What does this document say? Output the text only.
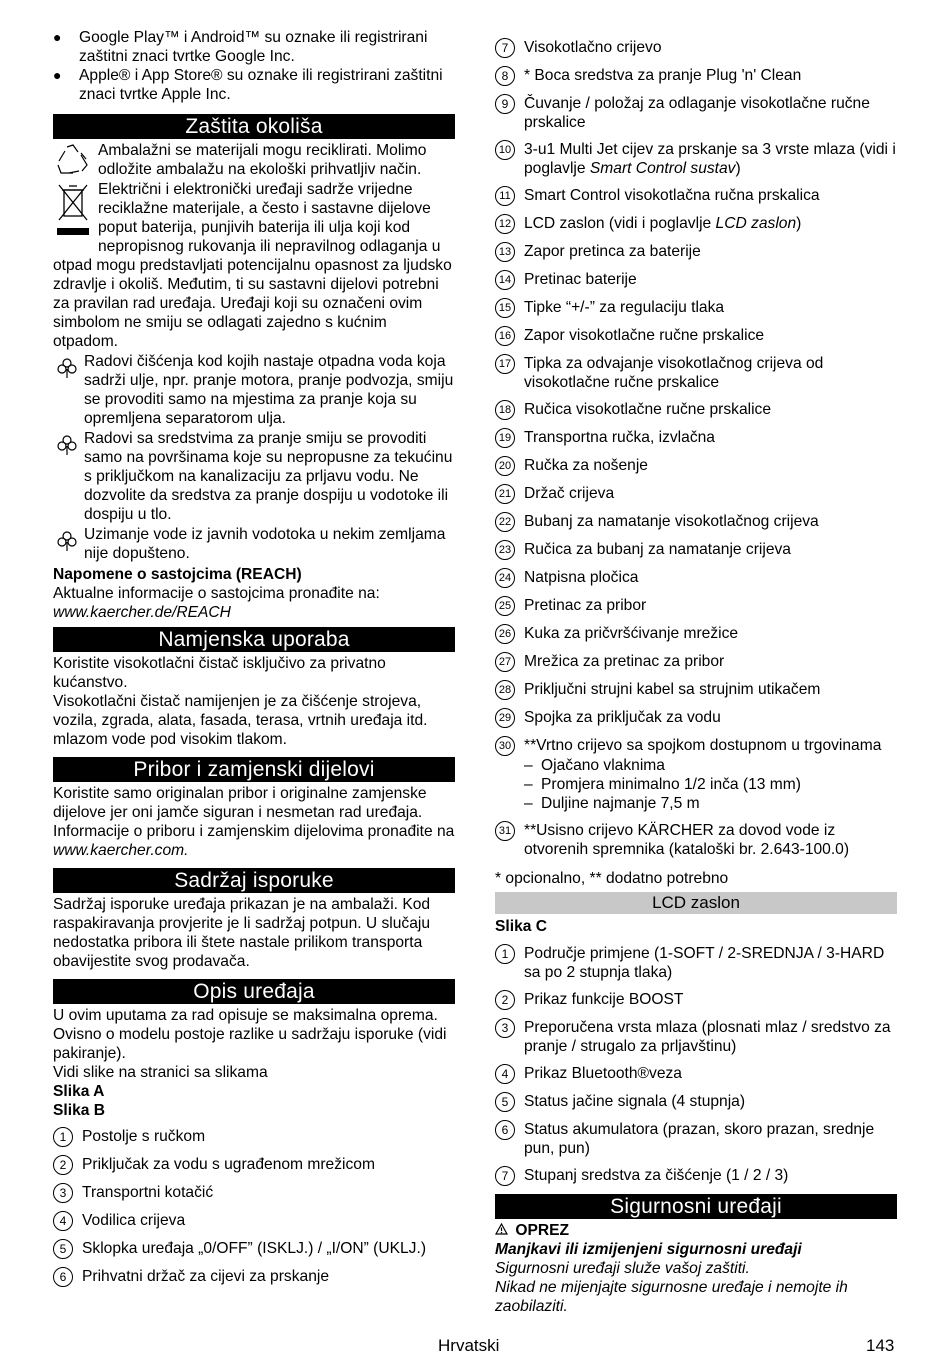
●	Google Play™ i Android™ su oznake ili registrirani zaštitni znaci tvrtke Google Inc.

●	Apple® i App Store® su oznake ili registrirani zaštitni znaci tvrtke Apple Inc.

Zaštita okoliša

Ambalažni se materijali mogu reciklirati. Molimo odložite ambalažu na ekološki prihvatljiv način.

Električni i elektronički uređaji sadrže vrijedne reciklažne materijale, a često i sastavne dijelove poput baterija, punjivih baterija ili ulja koji kod nepropisnog rukovanja ili nepravilnog odlaganja u

otpad mogu predstavljati potencijalnu opasnost za ljudsko zdravlje i okoliš. Međutim, ti su sastavni dijelovi potrebni za pravilan rad uređaja. Uređaji koji su označeni ovim simbolom ne smiju se odlagati zajedno s kućnim otpadom.

Radovi čišćenja kod kojih nastaje otpadna voda koja sadrži ulje, npr. pranje motora, pranje podvozja, smiju se provoditi samo na mjestima za pranje koja su opremljena separatorom ulja.

Radovi sa sredstvima za pranje smiju se provoditi samo na površinama koje su nepropusne za tekućinu s priključkom na kanalizaciju za prljavu vodu. Ne dozvolite da sredstva za pranje dospiju u vodotoke ili dospiju u tlo.

Uzimanje vode iz javnih vodotoka u nekim zemljama nije dopušteno.

Napomene o sastojcima (REACH)

Aktualne informacije o sastojcima pronađite na:

www.kaercher.de/REACH

Namjenska uporaba

Koristite visokotlačni čistač isključivo za privatno kućanstvo.

Visokotlačni čistač namijenjen je za čišćenje strojeva, vozila, zgrada, alata, fasada, terasa, vrtnih uređaja itd. mlazom vode pod visokim tlakom.

Pribor i zamjenski dijelovi

Koristite samo originalan pribor i originalne zamjenske dijelove jer oni jamče siguran i nesmetan rad uređaja. Informacije o priboru i zamjenskim dijelovima pronađite na www.kaercher.com.

Sadržaj isporuke

Sadržaj isporuke uređaja prikazan je na ambalaži. Kod raspakiravanja provjerite je li sadržaj potpun. U slučaju nedostatka pribora ili štete nastale prilikom transporta obavijestite svog prodavača.

Opis uređaja

U ovim uputama za rad opisuje se maksimalna oprema. Ovisno o modelu postoje razlike u sadržaju isporuke (vidi pakiranje).

Vidi slike na stranici sa slikama

Slika A

Slika B

1	Postolje s ručkom
2	Priključak za vodu s ugrađenom mrežicom
3	Transportni kotačić
4	Vodilica crijeva
5	Sklopka uređaja „0/OFF” (ISKLJ.) / „I/ON” (UKLJ.)
6	Prihvatni držač za cijevi za prskanje
7	Visokotlačno crijevo
8	* Boca sredstva za pranje Plug 'n' Clean
9	Čuvanje / položaj za odlaganje visokotlačne ručne prskalice
10 3-u1 Multi Jet cijev za prskanje sa 3 vrste mlaza (vidi i poglavlje Smart Control sustav)
11 Smart Control visokotlačna ručna prskalica
12 LCD zaslon (vidi i poglavlje LCD zaslon)
13 Zapor pretinca za baterije
14 Pretinac baterije
15 Tipke “+/-” za regulaciju tlaka
16 Zapor visokotlačne ručne prskalice
17 Tipka za odvajanje visokotlačnog crijeva od visokotlačne ručne prskalice
18 Ručica visokotlačne ručne prskalice
19 Transportna ručka, izvlačna
20 Ručka za nošenje
21 Držač crijeva
22 Bubanj za namatanje visokotlačnog crijeva
23 Ručica za bubanj za namatanje crijeva
24 Natpisna pločica
25 Pretinac za pribor
26 Kuka za pričvršćivanje mrežice
27 Mrežica za pretinac za pribor
28 Priključni strujni kabel sa strujnim utikačem
29 Spojka za priključak za vodu
30 **Vrtno crijevo sa spojkom dostupnom u trgovinama
– Ojačano vlaknima
– Promjera minimalno 1/2 inča (13 mm)
– Duljine najmanje 7,5 m
31 **Usisno crijevo KÄRCHER za dovod vode iz otvorenih spremnika (kataloški br. 2.643-100.0)

* opcionalno, ** dodatno potrebno

LCD zaslon

Slika C

1	Područje primjene (1-SOFT / 2-SREDNJA / 3-HARD sa po 2 stupnja tlaka)
2	Prikaz funkcije BOOST
3	Preporučena vrsta mlaza (plosnati mlaz / sredstvo za pranje / strugalo za prljavštinu)
4	Prikaz Bluetooth®veza
5	Status jačine signala (4 stupnja)
6	Status akumulatora (prazan, skoro prazan, srednje pun, pun)
7	Stupanj sredstva za čišćenje (1 / 2 / 3)
Sigurnosni uređaji

OPREZ

Manjkavi ili izmijenjeni sigurnosni uređaji

Sigurnosni uređaji služe vašoj zaštiti.

Nikad ne mijenjajte sigurnosne uređaje i nemojte ih zaobilaziti.

Hrvatski	143
